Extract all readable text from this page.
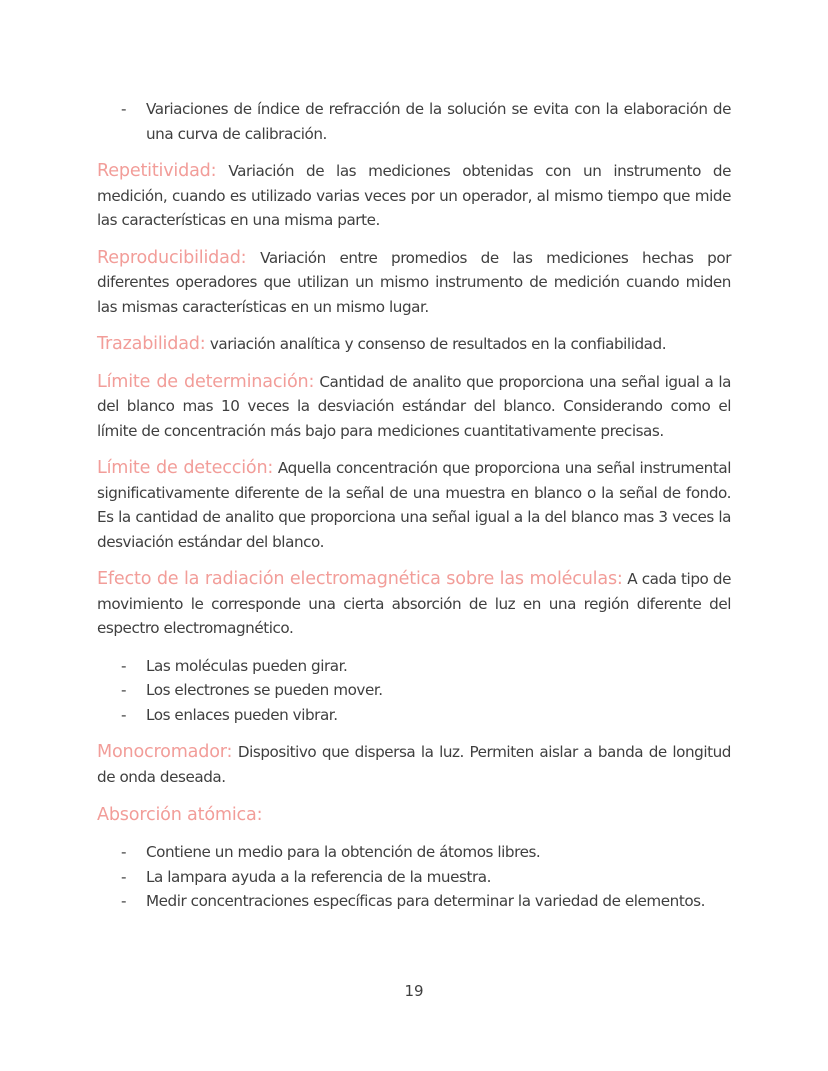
- Variaciones de índice de refracción de la solución se evita con la elaboración de una curva de calibración.

Repetitividad: Variación de las mediciones obtenidas con un instrumento de medición, cuando es utilizado varias veces por un operador, al mismo tiempo que mide las características en una misma parte.

Reproducibilidad: Variación entre promedios de las mediciones hechas por diferentes operadores que utilizan un mismo instrumento de medición cuando miden las mismas características en un mismo lugar.

Trazabilidad: variación analítica y consenso de resultados en la confiabilidad.

Límite de determinación: Cantidad de analito que proporciona una señal igual a la del blanco mas 10 veces la desviación estándar del blanco. Considerando como el límite de concentración más bajo para mediciones cuantitativamente precisas.

Límite de detección: Aquella concentración que proporciona una señal instrumental significativamente diferente de la señal de una muestra en blanco o la señal de fondo. Es la cantidad de analito que proporciona una señal igual a la del blanco mas 3 veces la desviación estándar del blanco.

Efecto de la radiación electromagnética sobre las moléculas: A cada tipo de movimiento le corresponde una cierta absorción de luz en una región diferente del espectro electromagnético.

- Las moléculas pueden girar.
- Los electrones se pueden mover.
- Los enlaces pueden vibrar.

Monocromador: Dispositivo que dispersa la luz. Permiten aislar a banda de longitud de onda deseada.

Absorción atómica:
- Contiene un medio para la obtención de átomos libres.
- La lampara ayuda a la referencia de la muestra.
- Medir concentraciones específicas para determinar la variedad de elementos.
19
